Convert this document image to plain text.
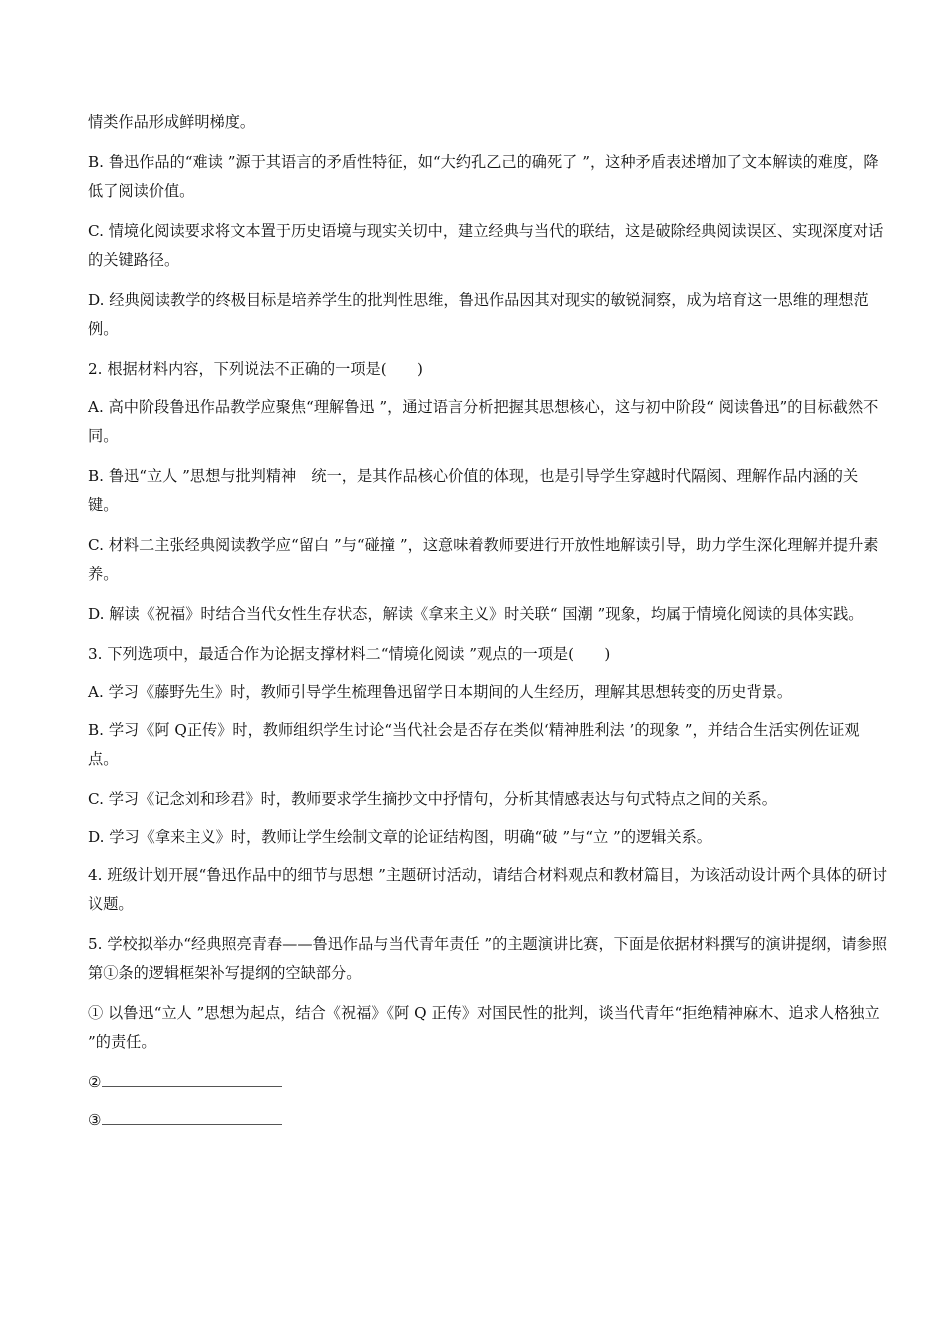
情类作品形成鲜明梯度。

B. 鲁迅作品的“难读 ”源于其语言的矛盾性特征，如“大约孔乙己的确死了 ”，这种矛盾表述增加了文本解读的难度，降低了阅读价值。

C. 情境化阅读要求将文本置于历史语境与现实关切中，建立经典与当代的联结，这是破除经典阅读误区、实现深度对话的关键路径。

D. 经典阅读教学的终极目标是培养学生的批判性思维，鲁迅作品因其对现实的敏锐洞察，成为培育这一思维的理想范例。

2. 根据材料内容，下列说法不正确的一项是(　　)

A. 高中阶段鲁迅作品教学应聚焦“理解鲁迅 ”，通过语言分析把握其思想核心，这与初中阶段“ 阅读鲁迅”的目标截然不同。

B. 鲁迅“立人 ”思想与批判精神　统一，是其作品核心价值的体现，也是引导学生穿越时代隔阂、理解作品内涵的关键。

C. 材料二主张经典阅读教学应“留白 ”与“碰撞 ”，这意味着教师要进行开放性地解读引导，助力学生深化理解并提升素养。

D. 解读《祝福》时结合当代女性生存状态，解读《拿来主义》时关联“ 国潮 ”现象，均属于情境化阅读的具体实践。

3. 下列选项中，最适合作为论据支撑材料二“情境化阅读 ”观点的一项是(　　)

A. 学习《藤野先生》时，教师引导学生梳理鲁迅留学日本期间的人生经历，理解其思想转变的历史背景。

B. 学习《阿 Q正传》时，教师组织学生讨论“当代社会是否存在类似‘精神胜利法 ’的现象 ”，并结合生活实例佐证观点。

C. 学习《记念刘和珍君》时，教师要求学生摘抄文中抒情句，分析其情感表达与句式特点之间的关系。

D. 学习《拿来主义》时，教师让学生绘制文章的论证结构图，明确“破 ”与“立 ”的逻辑关系。

4. 班级计划开展“鲁迅作品中的细节与思想 ”主题研讨活动，请结合材料观点和教材篇目，为该活动设计两个具体的研讨议题。

5. 学校拟举办“经典照亮青春——鲁迅作品与当代青年责任 ”的主题演讲比赛，下面是依据材料撰写的演讲提纲，请参照第①条的逻辑框架补写提纲的空缺部分。

① 以鲁迅“立人 ”思想为起点，结合《祝福》《阿 Q 正传》对国民性的批判，谈当代青年“拒绝精神麻木、追求人格独立 ”的责任。

②

③
